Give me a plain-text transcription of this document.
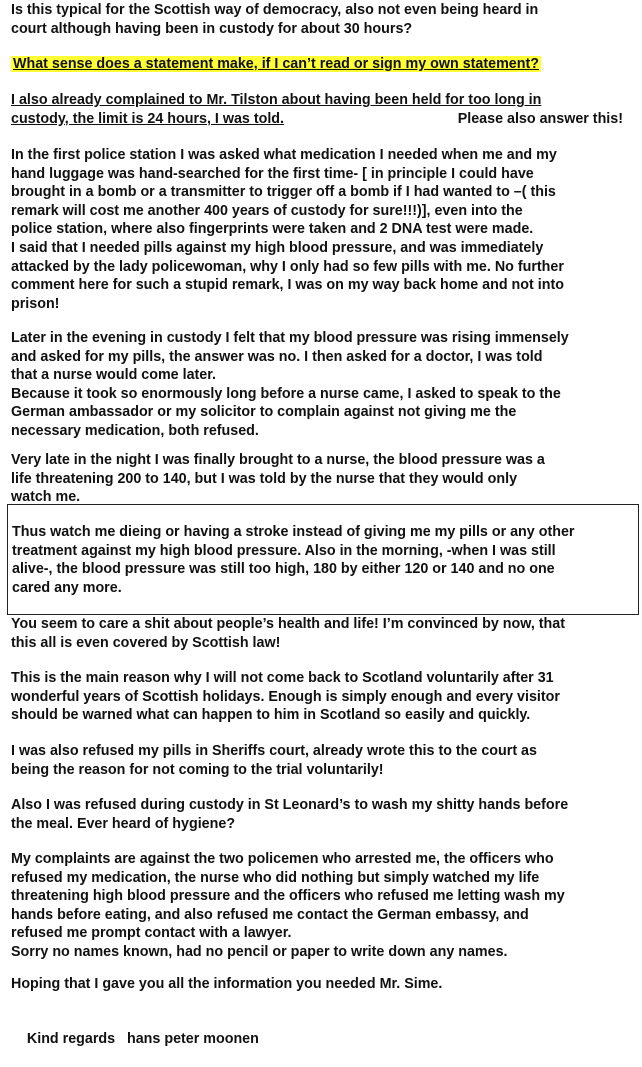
Is this typical for the Scottish way of democracy, also not even being heard in
court although having been in custody for about 30 hours?

What sense does a statement make, if I can’t read or sign my own statement?

I also already complained to Mr. Tilston about having been held for too long in
custody, the limit is 24 hours, I was told.	Please also answer this!

In the first police station I was asked what medication I needed when me and my
hand luggage was hand-searched for the first time- [ in principle I could have
brought in a bomb or a transmitter to trigger off a bomb if I had wanted to –( this
remark will cost me another 400 years of custody for sure!!!)], even into the
police station, where also fingerprints were taken and 2 DNA test were made.
I said that I needed pills against my high blood pressure, and was immediately
attacked by the lady policewoman, why I only had so few pills with me. No further
comment here for such a stupid remark, I was on my way back home and not into
prison!

Later in the evening in custody I felt that my blood pressure was rising immensely
and asked for my pills, the answer was no. I then asked for a doctor, I was told
that a nurse would come later.
Because it took so enormously long before a nurse came, I asked to speak to the
German ambassador or my solicitor to complain against not giving me the
necessary medication, both refused.

Very late in the night I was finally brought to a nurse, the blood pressure was a
life threatening 200 to 140, but I was told by the nurse that they would only
watch me.

Thus watch me dieing or having a stroke instead of giving me my pills or any other
treatment against my high blood pressure. Also in the morning, -when I was still
alive-, the blood pressure was still too high, 180 by either 120 or 140 and no one
cared any more.

You seem to care a shit about people’s health and life! I’m convinced by now, that
this all is even covered by Scottish law!

This is the main reason why I will not come back to Scotland voluntarily after 31
wonderful years of Scottish holidays. Enough is simply enough and every visitor
should be warned what can happen to him in Scotland so easily and quickly.

I was also refused my pills in Sheriffs court, already wrote this to the court as
being the reason for not coming to the trial voluntarily!

Also I was refused during custody in St Leonard’s to wash my shitty hands before
the meal. Ever heard of hygiene?

My complaints are against the two policemen who arrested me, the officers who
refused my medication, the nurse who did nothing but simply watched my life
threatening high blood pressure and the officers who refused me letting wash my
hands before eating, and also refused me contact the German embassy, and
refused me prompt contact with a lawyer.
Sorry no names known, had no pencil or paper to write down any names.

Hoping that I gave you all the information you needed Mr. Sime.

Kind regards   hans peter moonen
